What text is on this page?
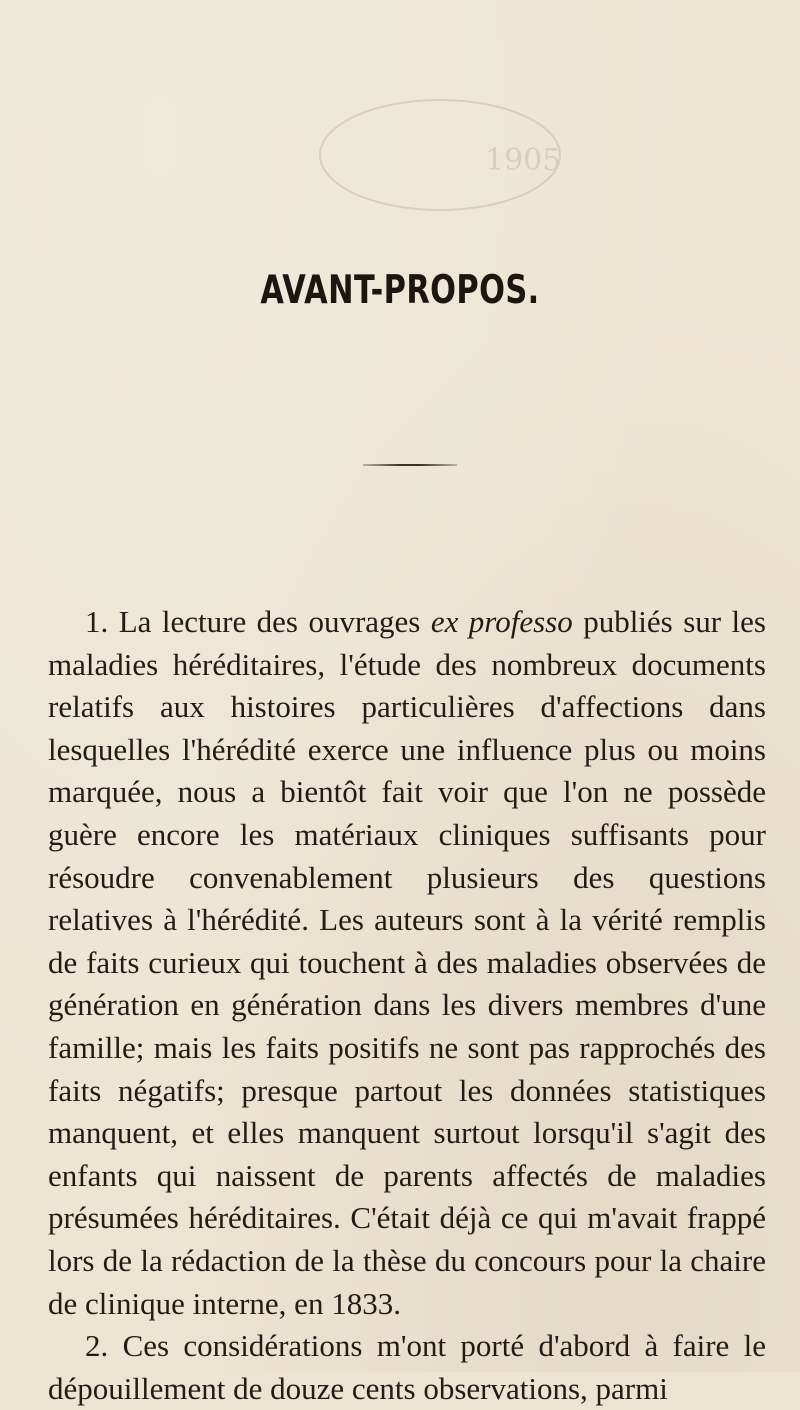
1905
AVANT-PROPOS.

1. La lecture des ouvrages ex professo publiés sur les maladies héréditaires, l'étude des nombreux documents relatifs aux histoires particulières d'affections dans lesquelles l'hérédité exerce une influence plus ou moins marquée, nous a bientôt fait voir que l'on ne possède guère encore les matériaux cliniques suffisants pour résoudre convenablement plusieurs des questions relatives à l'hérédité. Les auteurs sont à la vérité remplis de faits curieux qui touchent à des maladies observées de génération en génération dans les divers membres d'une famille; mais les faits positifs ne sont pas rapprochés des faits négatifs; presque partout les données statistiques manquent, et elles manquent surtout lorsqu'il s'agit des enfants qui naissent de parents affectés de maladies présumées héréditaires. C'était déjà ce qui m'avait frappé lors de la rédaction de la thèse du concours pour la chaire de clinique interne, en 1833.

2. Ces considérations m'ont porté d'abord à faire le dépouillement de douze cents observations, parmi
